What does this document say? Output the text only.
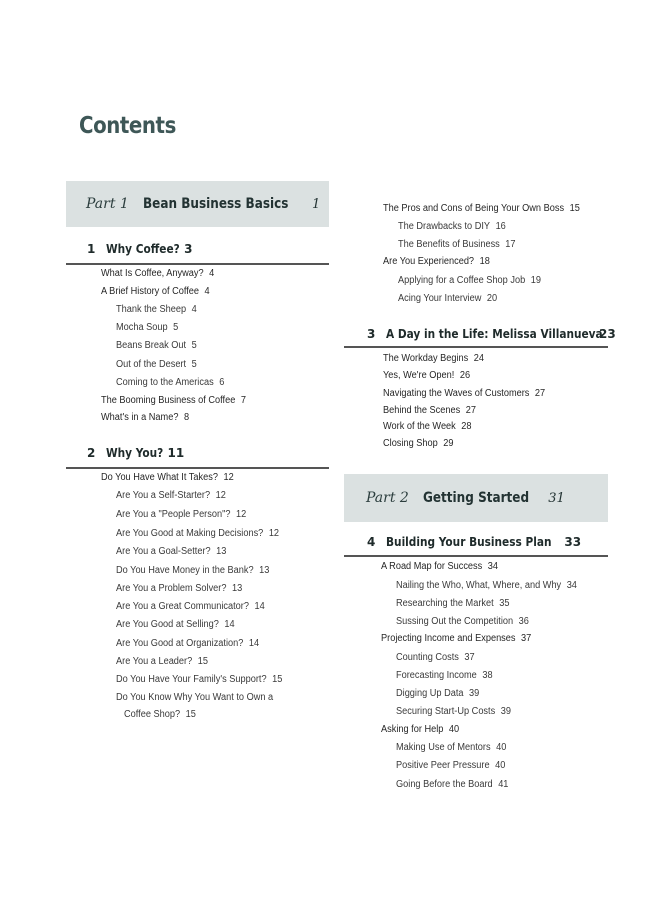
Contents
Part 1 Bean Business Basics 1
1 Why Coffee? 3
What Is Coffee, Anyway? 4
A Brief History of Coffee 4
Thank the Sheep 4
Mocha Soup 5
Beans Break Out 5
Out of the Desert 5
Coming to the Americas 6
The Booming Business of Coffee 7
What's in a Name? 8
2 Why You? 11
Do You Have What It Takes? 12
Are You a Self-Starter? 12
Are You a "People Person"? 12
Are You Good at Making Decisions? 12
Are You a Goal-Setter? 13
Do You Have Money in the Bank? 13
Are You a Problem Solver? 13
Are You a Great Communicator? 14
Are You Good at Selling? 14
Are You Good at Organization? 14
Are You a Leader? 15
Do You Have Your Family's Support? 15
Do You Know Why You Want to Own a
Coffee Shop? 15
The Pros and Cons of Being Your Own Boss 15
The Drawbacks to DIY 16
The Benefits of Business 17
Are You Experienced? 18
Applying for a Coffee Shop Job 19
Acing Your Interview 20
3 A Day in the Life: Melissa Villanueva
23
The Workday Begins 24
Yes, We're Open! 26
Navigating the Waves of Customers 27
Behind the Scenes 27
Work of the Week 28
Closing Shop 29
Part 2 Getting Started 31
4 Building Your Business Plan 33
A Road Map for Success 34
Nailing the Who, What, Where, and Why 34
Researching the Market 35
Sussing Out the Competition 36
Projecting Income and Expenses 37
Counting Costs 37
Forecasting Income 38
Digging Up Data 39
Securing Start-Up Costs 39
Asking for Help 40
Making Use of Mentors 40
Positive Peer Pressure 40
Going Before the Board 41
